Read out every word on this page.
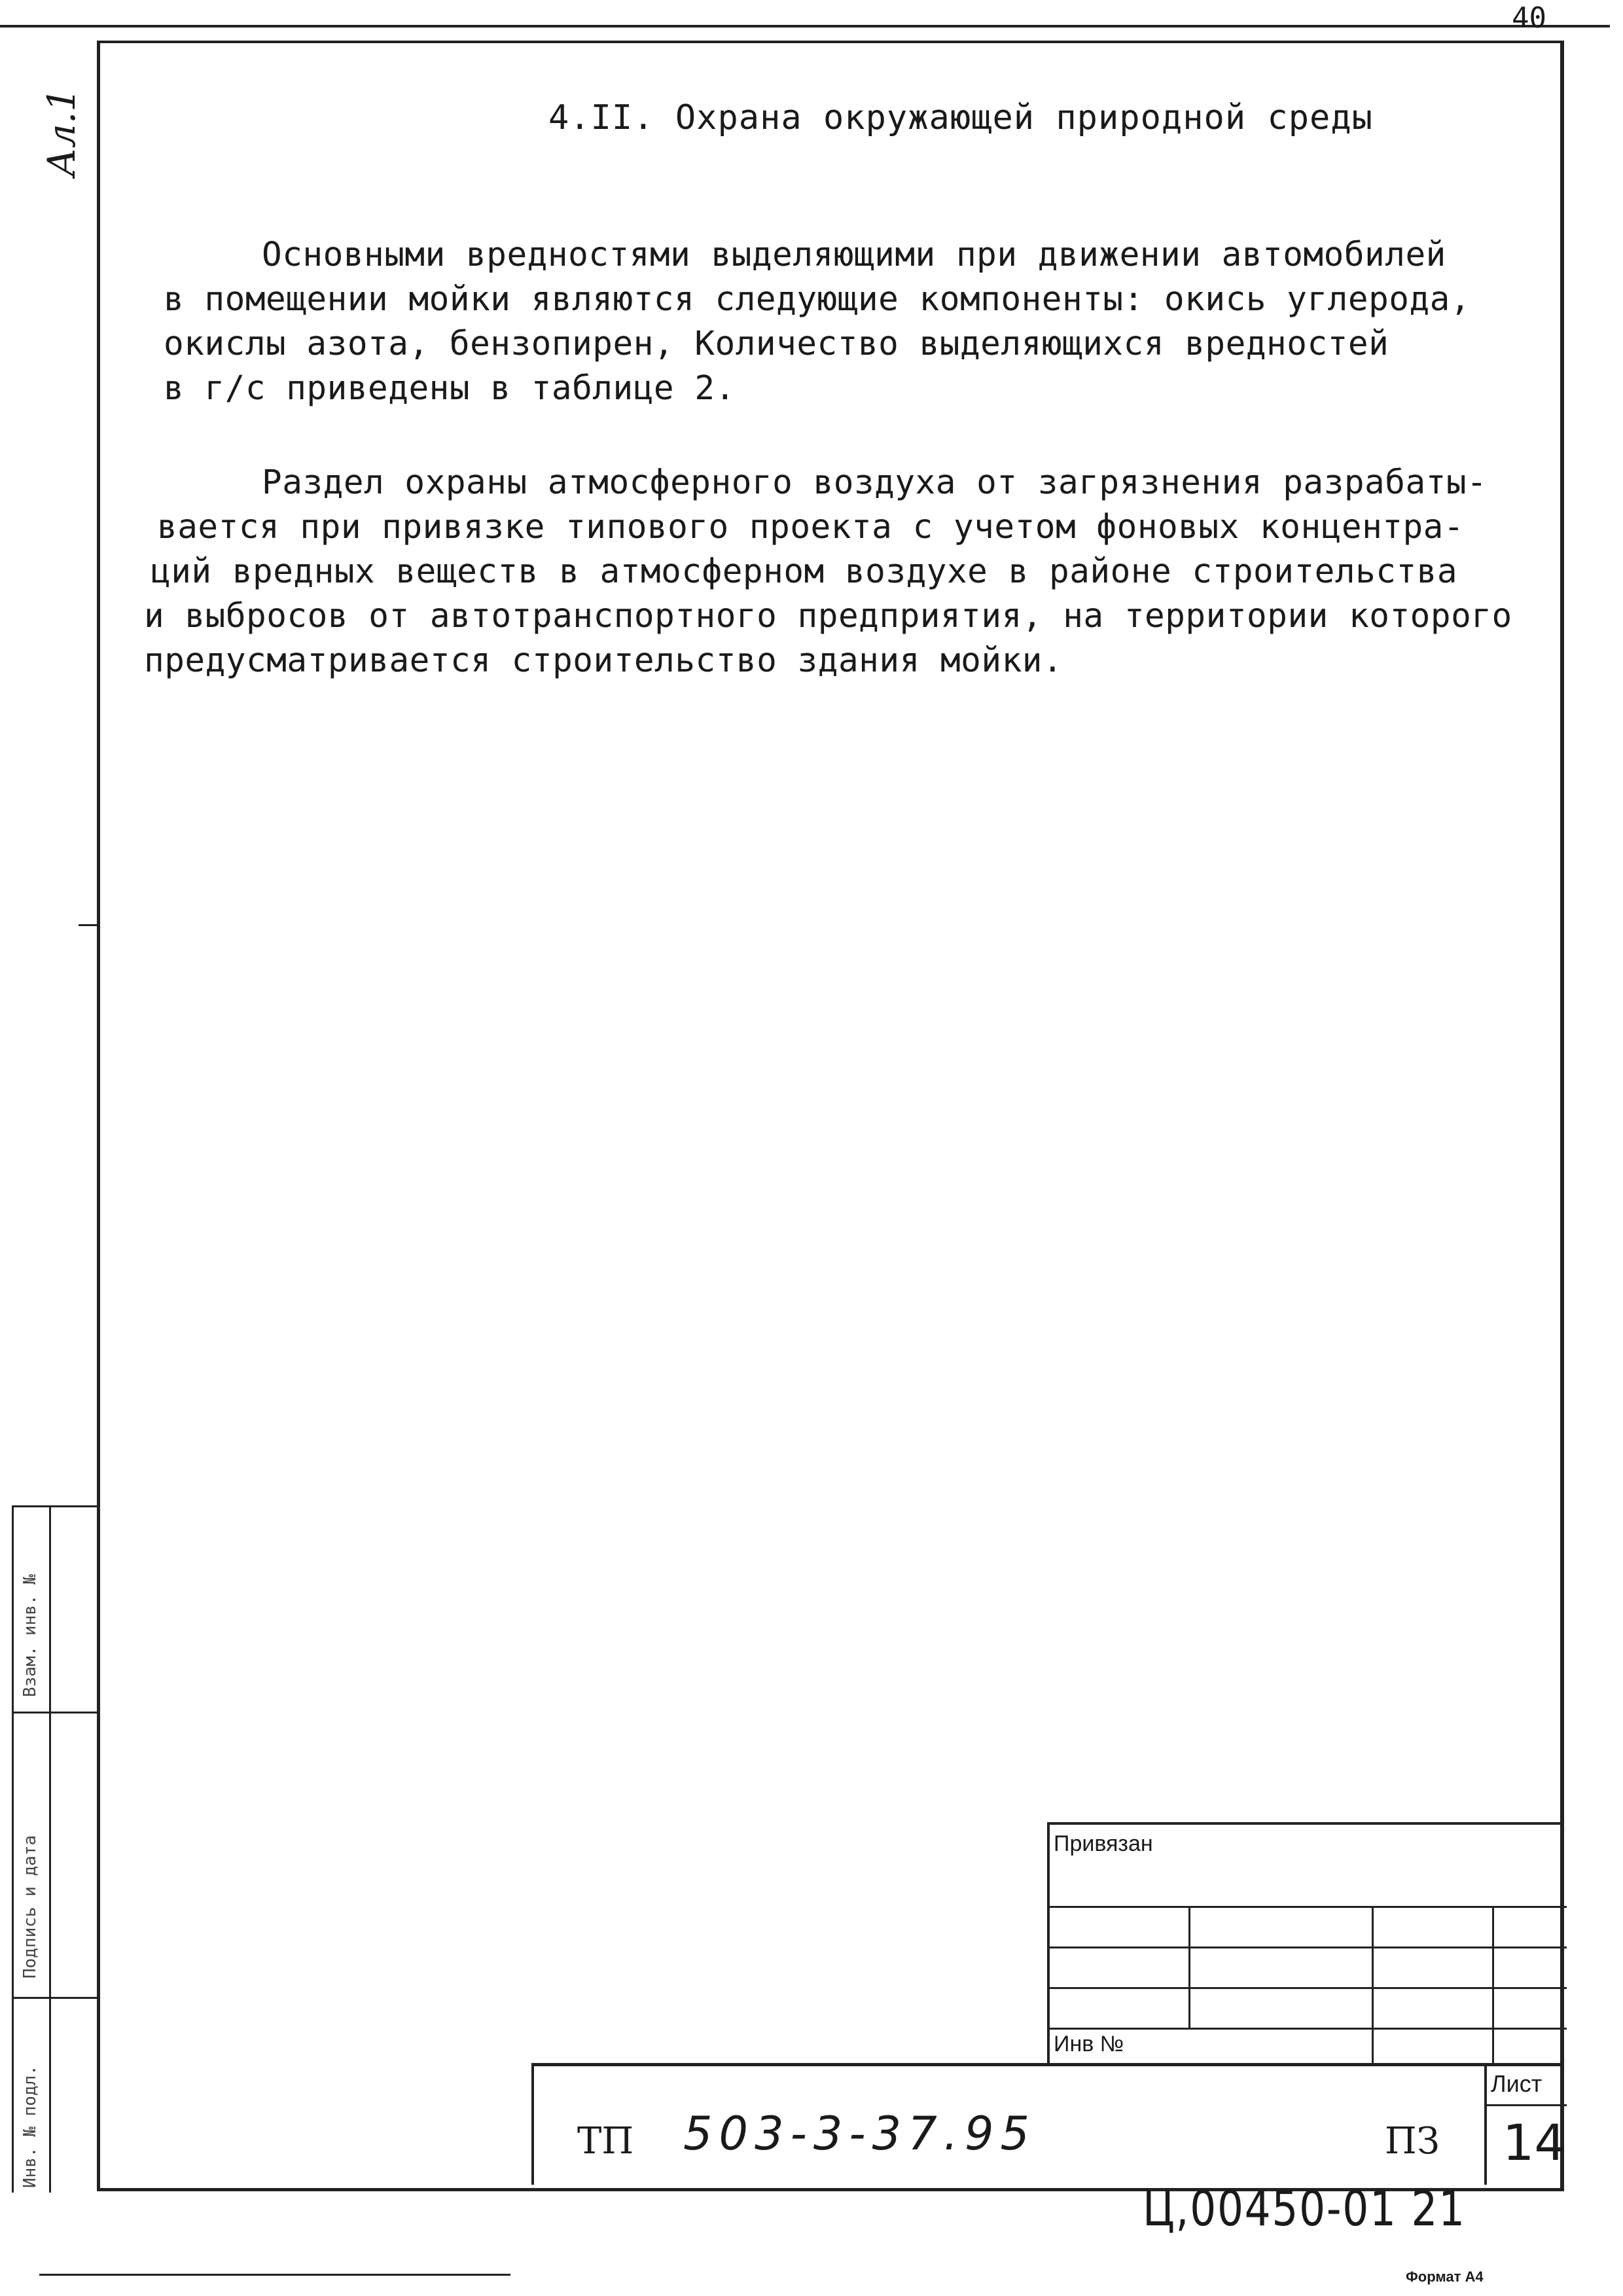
40
Ал.1
Взам. инв. №
Подпись и дата
Инв. № подл.
4.II. Охрана окружающей природной среды
Основными вредностями выделяющими при движении автомобилей
в помещении мойки являются следующие компоненты: окись углерода,
окислы азота, бензопирен, Количество выделяющихся вредностей
в г/с приведены в таблице 2.
Раздел охраны атмосферного воздуха от загрязнения разрабаты-
вается при привязке типового проекта с учетом фоновых концентра-
ций вредных веществ в атмосферном воздухе в районе строительства
и выбросов от автотранспортного предприятия, на территории которого
предусматривается строительство здания мойки.
Привязан
Инв №
ТП 503-3-37.95	ПЗ
Лист
14
Ц,00450-01 21
Формат А4
